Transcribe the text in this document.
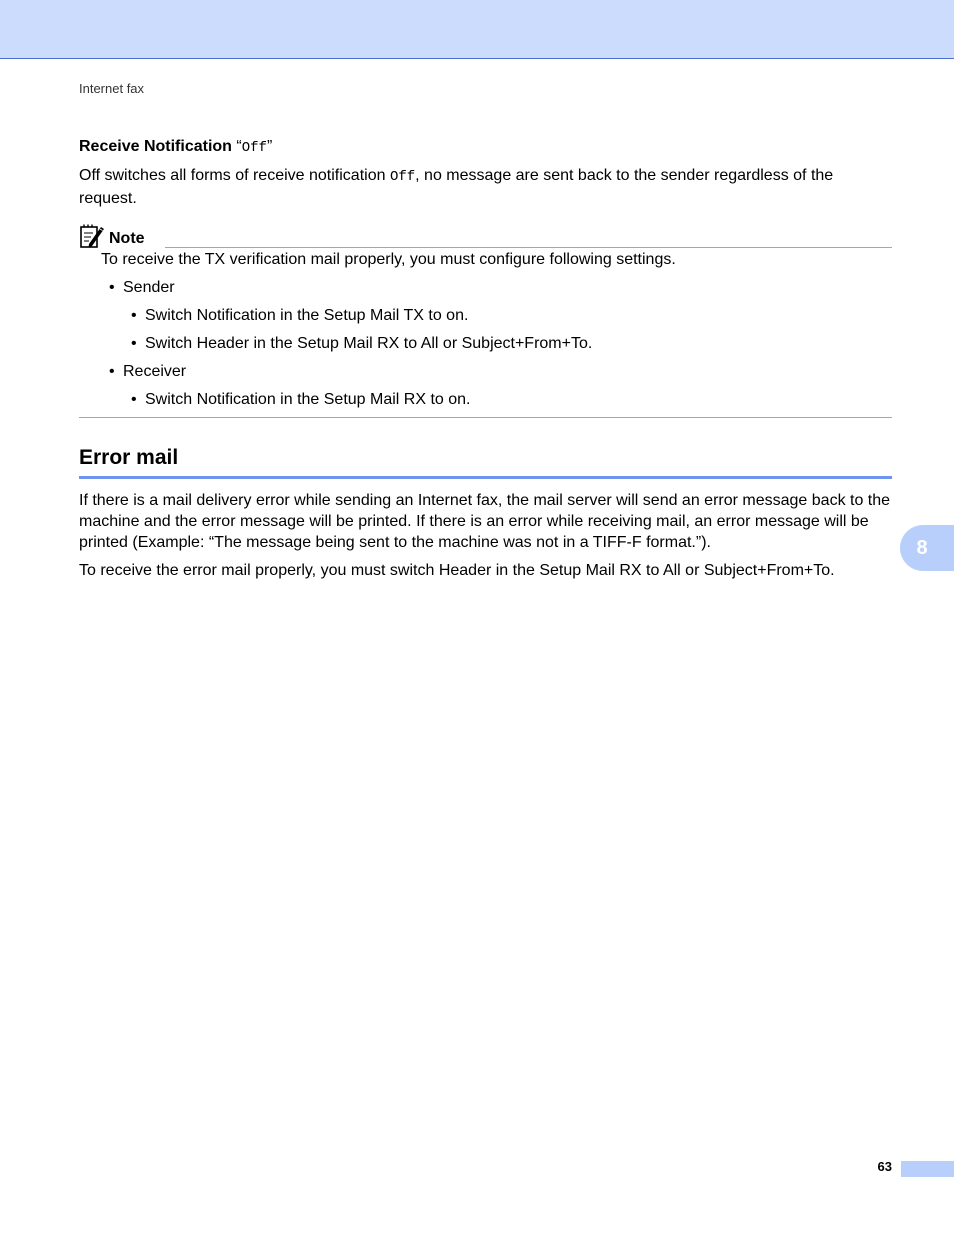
Internet fax
Receive Notification “Off”

Off switches all forms of receive notification Off, no message are sent back to the sender regardless of the request.

Note

To receive the TX verification mail properly, you must configure following settings.

• Sender
• Switch Notification in the Setup Mail TX to on.
• Switch Header in the Setup Mail RX to All or Subject+From+To.
• Receiver
• Switch Notification in the Setup Mail RX to on.
Error mail

If there is a mail delivery error while sending an Internet fax, the mail server will send an error message back to the machine and the error message will be printed. If there is an error while receiving mail, an error message will be printed (Example: “The message being sent to the machine was not in a TIFF-F format.”).

To receive the error mail properly, you must switch Header in the Setup Mail RX to All or Subject+From+To.

8
63
